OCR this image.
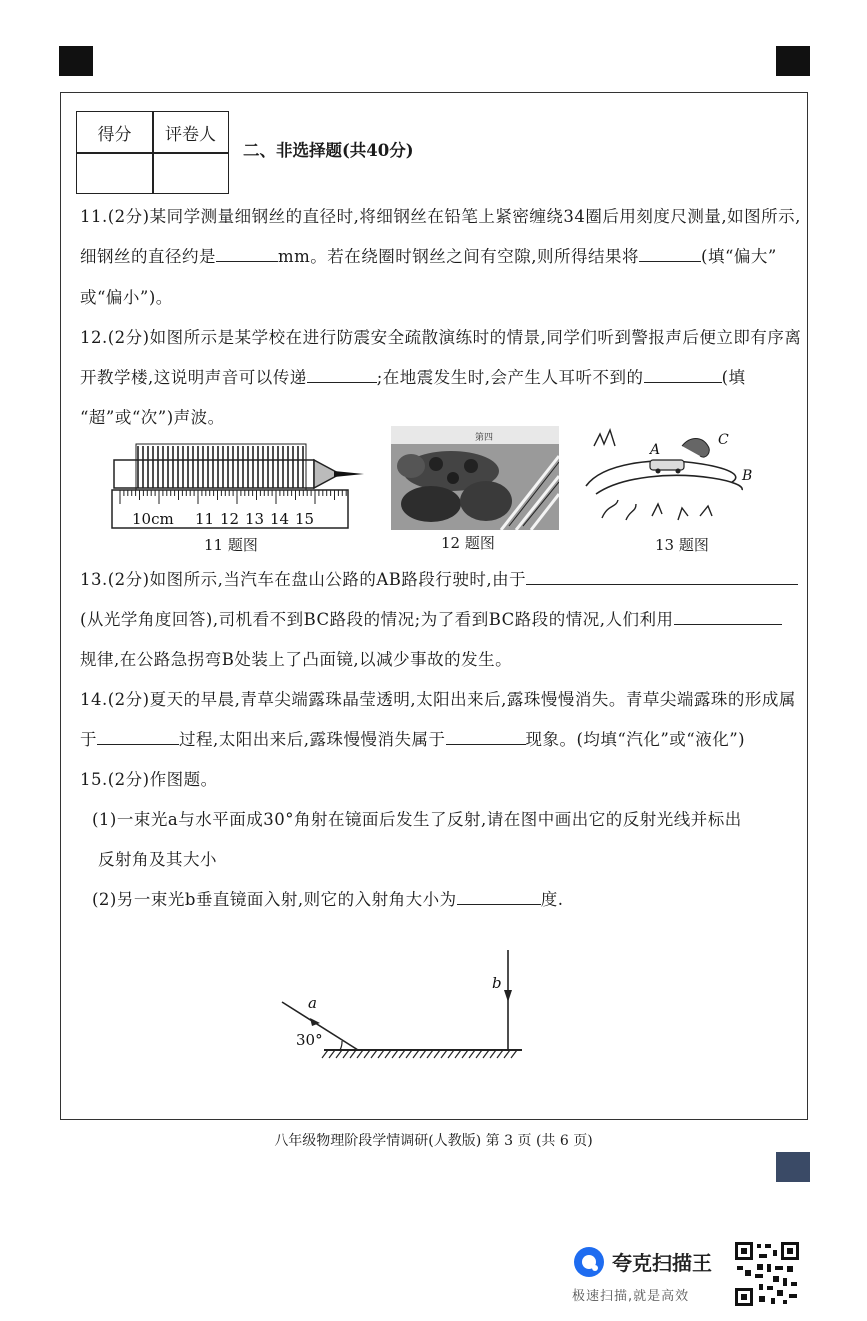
得分	评卷人
二、非选择题(共40分)
11.(2分)某同学测量细钢丝的直径时,将细钢丝在铅笔上紧密缠绕34圈后用刻度尺测量,如图所示,
细钢丝的直径约是	mm。若在绕圈时钢丝之间有空隙,则所得结果将	(填“偏大”
或“偏小”)。
12.(2分)如图所示是某学校在进行防震安全疏散演练时的情景,同学们听到警报声后便立即有序离
开教学楼,这说明声音可以传递	;在地震发生时,会产生人耳听不到的	(填
“超”或“次”)声波。
10cm 11 12 13 14 15
11 题图
第四
12 题图
A
B
C
13 题图
13.(2分)如图所示,当汽车在盘山公路的AB路段行驶时,由于
(从光学角度回答),司机看不到BC路段的情况;为了看到BC路段的情况,人们利用
规律,在公路急拐弯B处装上了凸面镜,以减少事故的发生。
14.(2分)夏天的早晨,青草尖端露珠晶莹透明,太阳出来后,露珠慢慢消失。青草尖端露珠的形成属
于	过程,太阳出来后,露珠慢慢消失属于	现象。(均填“汽化”或“液化”)
15.(2分)作图题。
(1)一束光a与水平面成30°角射在镜面后发生了反射,请在图中画出它的反射光线并标出
反射角及其大小
(2)另一束光b垂直镜面入射,则它的入射角大小为	度.
a
b
30°
八年级物理阶段学情调研(人教版) 第 3 页 (共 6 页)
夸克扫描王
极速扫描,就是高效
